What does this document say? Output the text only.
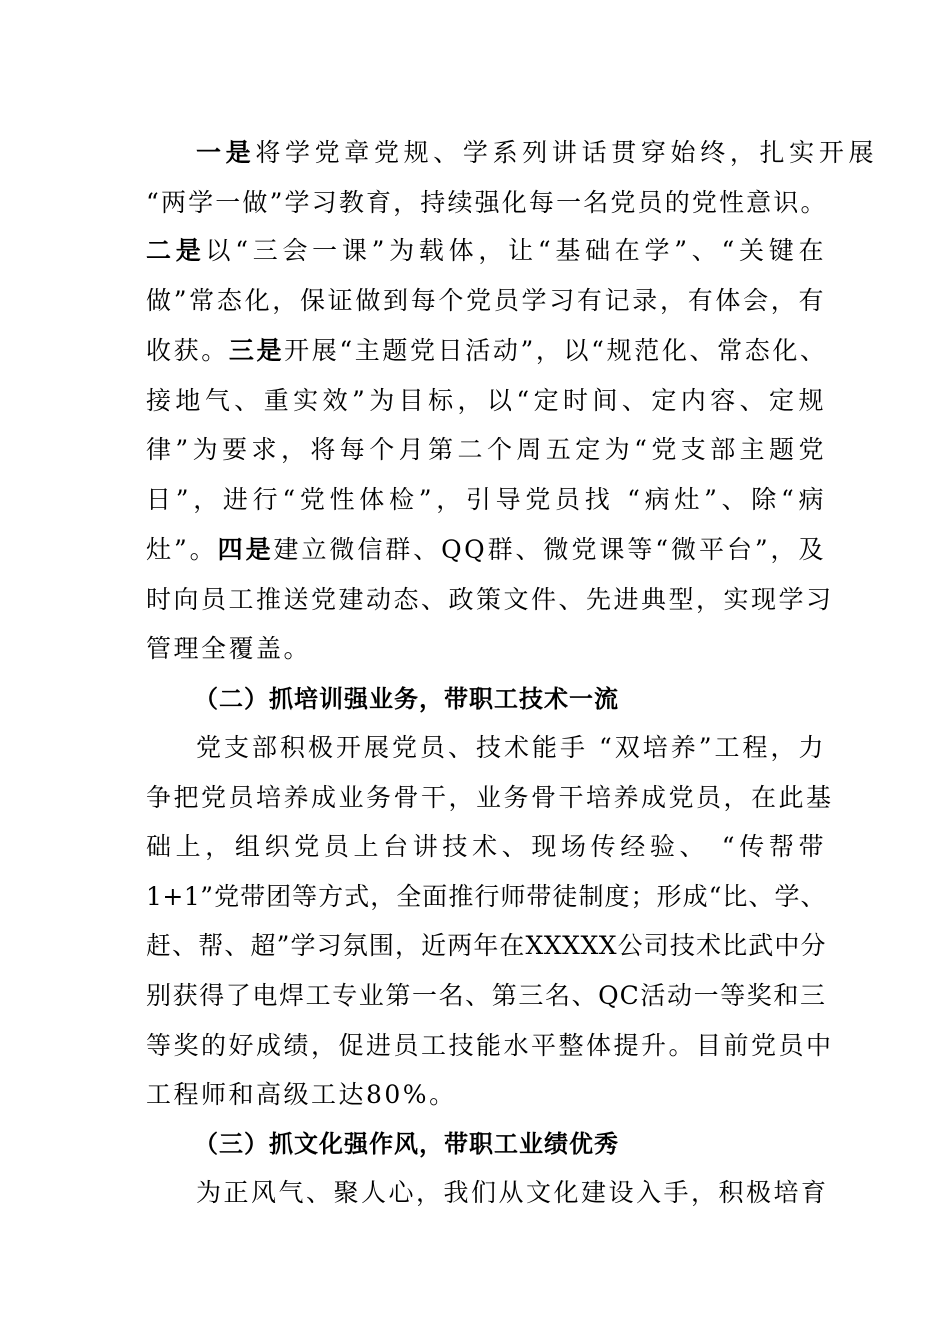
一是将学党章党规、学系列讲话贯穿始终，扎实开展
“两学一做”学习教育，持续强化每一名党员的党性意识。
二是以“三会一课”为载体，让“基础在学”、“关键在
做”常态化，保证做到每个党员学习有记录，有体会，有
收获。三是开展“主题党日活动”，以“规范化、常态化、
接地气、重实效”为目标，以“定时间、定内容、定规
律”为要求，将每个月第二个周五定为“党支部主题党
日”，进行“党性体检”，引导党员找 “病灶”、除“病
灶”。四是建立微信群、QQ群、微党课等“微平台”，及
时向员工推送党建动态、政策文件、先进典型，实现学习
管理全覆盖。
（二）抓培训强业务，带职工技术一流
党支部积极开展党员、技术能手 “双培养”工程，力
争把党员培养成业务骨干，业务骨干培养成党员，在此基
础上，组织党员上台讲技术、现场传经验、 “传帮带
1+1”党带团等方式，全面推行师带徒制度；形成“比、学、
赶、帮、超”学习氛围，近两年在XXXXX公司技术比武中分
别获得了电焊工专业第一名、第三名、QC活动一等奖和三
等奖的好成绩，促进员工技能水平整体提升。目前党员中
工程师和高级工达80%。
（三）抓文化强作风，带职工业绩优秀
为正风气、聚人心，我们从文化建设入手，积极培育
